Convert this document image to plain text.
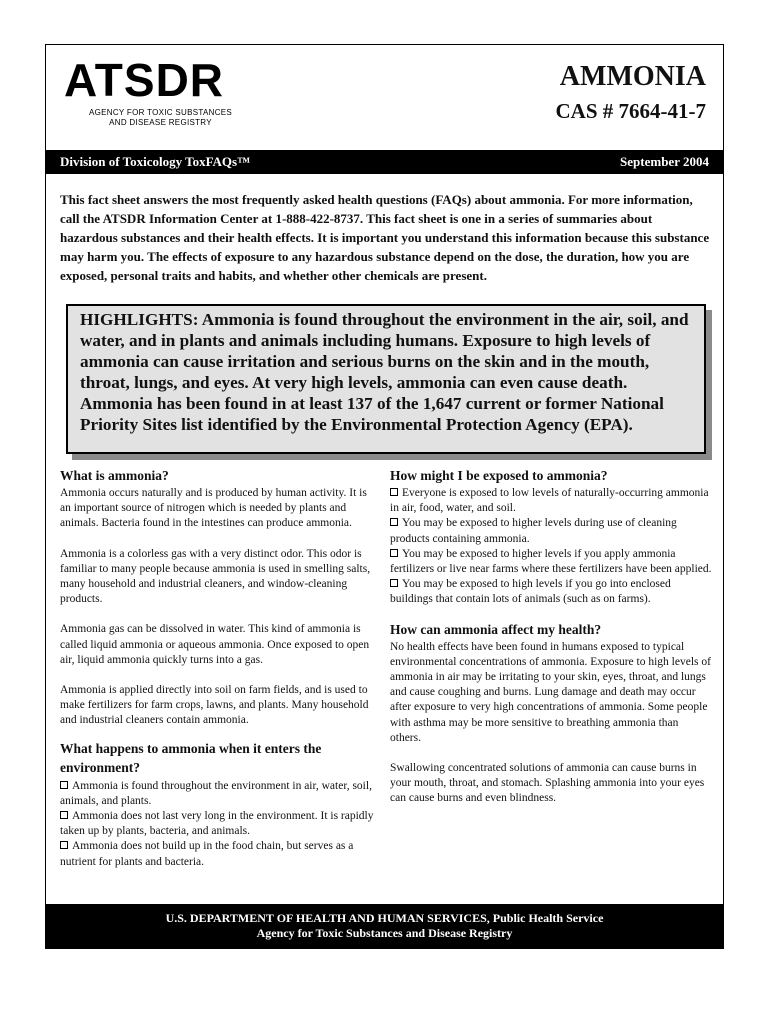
ATSDR
AGENCY FOR TOXIC SUBSTANCES
AND DISEASE REGISTRY
AMMONIA
CAS # 7664-41-7
Division of Toxicology ToxFAQs™	September 2004
This fact sheet answers the most frequently asked health questions (FAQs) about ammonia. For more information, call the ATSDR Information Center at 1-888-422-8737. This fact sheet is one in a series of summaries about hazardous substances and their health effects. It is important you understand this information because this substance may harm you. The effects of exposure to any hazardous substance depend on the dose, the duration, how you are exposed, personal traits and habits, and whether other chemicals are present.
HIGHLIGHTS: Ammonia is found throughout the environment in the air, soil, and water, and in plants and animals including humans. Exposure to high levels of ammonia can cause irritation and serious burns on the skin and in the mouth, throat, lungs, and eyes. At very high levels, ammonia can even cause death. Ammonia has been found in at least 137 of the 1,647 current or former National Priority Sites list identified by the Environmental Protection Agency (EPA).
What is ammonia?

Ammonia occurs naturally and is produced by human activity. It is an important source of nitrogen which is needed by plants and animals. Bacteria found in the intestines can produce ammonia.

Ammonia is a colorless gas with a very distinct odor. This odor is familiar to many people because ammonia is used in smelling salts, many household and industrial cleaners, and window-cleaning products.

Ammonia gas can be dissolved in water. This kind of ammonia is called liquid ammonia or aqueous ammonia. Once exposed to open air, liquid ammonia quickly turns into a gas.

Ammonia is applied directly into soil on farm fields, and is used to make fertilizers for farm crops, lawns, and plants. Many household and industrial cleaners contain ammonia.

What happens to ammonia when it enters the environment?
Ammonia is found throughout the environment in air, water, soil, animals, and plants.
Ammonia does not last very long in the environment. It is rapidly taken up by plants, bacteria, and animals.
Ammonia does not build up in the food chain, but serves as a nutrient for plants and bacteria.
How might I be exposed to ammonia?
Everyone is exposed to low levels of naturally-occurring ammonia in air, food, water, and soil.
You may be exposed to higher levels during use of cleaning products containing ammonia.
You may be exposed to higher levels if you apply ammonia fertilizers or live near farms where these fertilizers have been applied.
You may be exposed to high levels if you go into enclosed buildings that contain lots of animals (such as on farms).
How can ammonia affect my health?

No health effects have been found in humans exposed to typical environmental concentrations of ammonia. Exposure to high levels of ammonia in air may be irritating to your skin, eyes, throat, and lungs and cause coughing and burns. Lung damage and death may occur after exposure to very high concentrations of ammonia. Some people with asthma may be more sensitive to breathing ammonia than others.

Swallowing concentrated solutions of ammonia can cause burns in your mouth, throat, and stomach. Splashing ammonia into your eyes can cause burns and even blindness.

U.S. DEPARTMENT OF HEALTH AND HUMAN SERVICES, Public Health Service
Agency for Toxic Substances and Disease Registry
